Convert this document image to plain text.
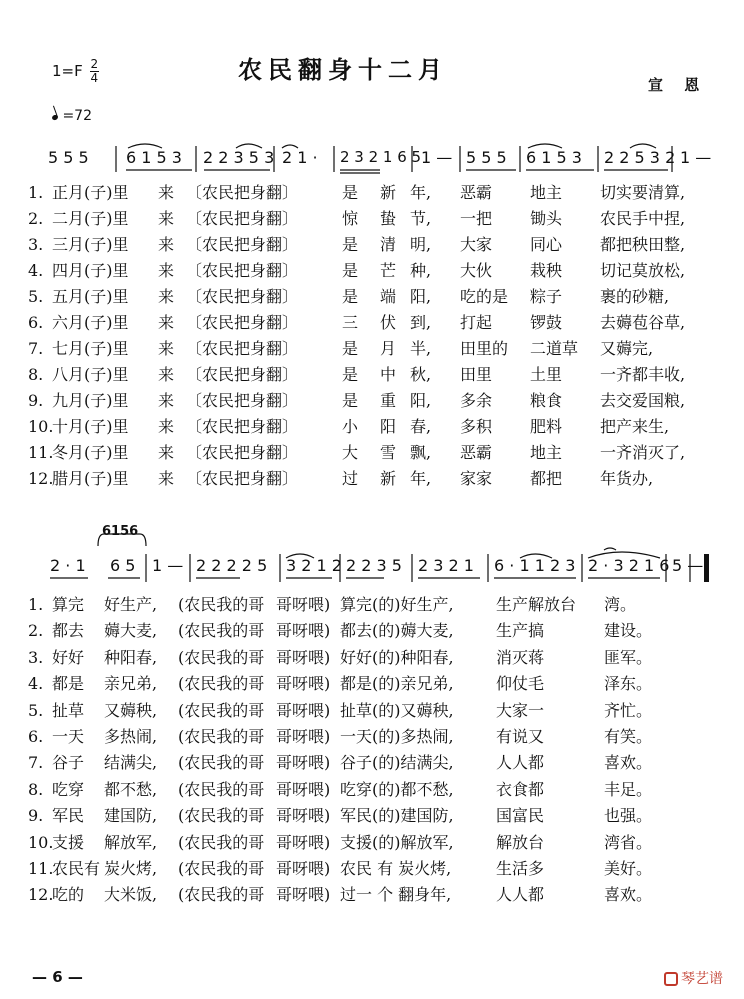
$1=F \frac{2}{4}$	农民翻身十二月
宣 恩
=72
5 5 5 6 1 5 3 2 2 3 5 3 2 1 · 2 3 2 1 6 5 1 — 5 5 5 6 1 5 3 2 2 5 3 2 1 —
1. 正月(子)里 来 〔农民把身翻〕	是 新 年, 恶霸 地主 切实要清算,
2. 二月(子)里 来 〔农民把身翻〕	惊 蛰 节, 一把 锄头 农民手中捏,
3. 三月(子)里 来 〔农民把身翻〕	是 清 明, 大家 同心 都把秧田整,
4. 四月(子)里 来 〔农民把身翻〕	是 芒 种, 大伙 栽秧 切记莫放松,
5. 五月(子)里 来 〔农民把身翻〕	是 端 阳, 吃的是 粽子 裹的砂糖,
6. 六月(子)里 来 〔农民把身翻〕	三 伏 到, 打起 锣鼓 去薅苞谷草,
7. 七月(子)里 来 〔农民把身翻〕	是 月 半, 田里的 二道草 又薅完,
8. 八月(子)里 来 〔农民把身翻〕	是 中 秋, 田里 土里 一齐都丰收,
9. 九月(子)里 来 〔农民把身翻〕	是 重 阳, 多余 粮食 去交爱国粮,
10.
十月(子)里 来 〔农民把身翻〕	小 阳 春, 多积 肥料 把产来生,
11.
冬月(子)里 来 〔农民把身翻〕	大 雪 飘, 恶霸 地主 一齐消灭了,
12.
腊月(子)里 来 〔农民把身翻〕	过 新 年, 家家 都把 年货办,
6156
2 · 1 6 5 1 — 2 2 2 2 5 3 2 1 2 2 2 3 5 2 3 2 1 6 · 1 1 2 3 2 · 3 2 1 6 5 —
1. 算完 好生产, (农民我的哥 哥呀喂) 算完(的)好生产,	生产解放台 湾。
2. 都去 薅大麦, (农民我的哥 哥呀喂) 都去(的)薅大麦,	生产搞	建设。
3. 好好 种阳春, (农民我的哥 哥呀喂) 好好(的)种阳春,	消灭蒋	匪军。
4. 都是 亲兄弟, (农民我的哥 哥呀喂) 都是(的)亲兄弟,	仰仗毛	泽东。
5. 扯草 又薅秧, (农民我的哥 哥呀喂) 扯草(的)又薅秧,	大家一	齐忙。
6. 一天 多热闹, (农民我的哥 哥呀喂) 一天(的)多热闹,	有说又	有笑。
7. 谷子 结满尖, (农民我的哥 哥呀喂) 谷子(的)结满尖,	人人都	喜欢。
8. 吃穿 都不愁, (农民我的哥 哥呀喂) 吃穿(的)都不愁,	衣食都	丰足。
9. 军民 建国防, (农民我的哥 哥呀喂) 军民(的)建国防,	国富民	也强。
10.
支援 解放军, (农民我的哥 哥呀喂) 支援(的)解放军,	解放台	湾省。
11.
农民有 炭火烤, (农民我的哥 哥呀喂) 农民 有 炭火烤,	生活多	美好。
12.
吃的 大米饭, (农民我的哥 哥呀喂) 过一 个 翻身年,	人人都	喜欢。
— 6 —	琴艺谱
